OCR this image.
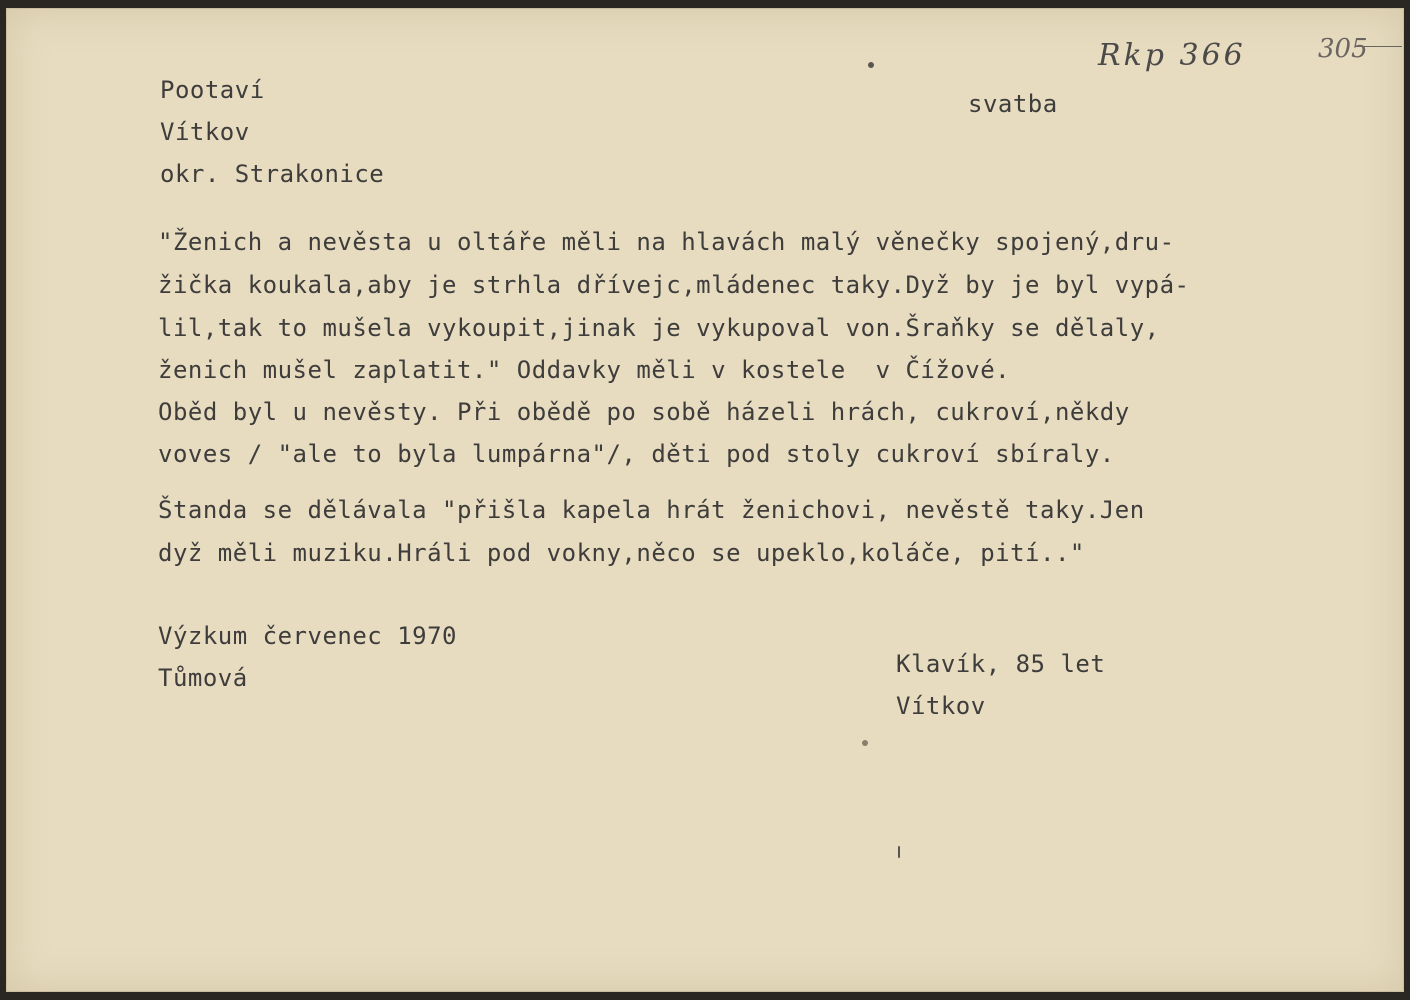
Rkp 366	305
Pootaví
Vítkov
okr. Strakonice
svatba
"Ženich a nevěsta u oltáře měli na hlavách malý věnečky spojený,dru-
žička koukala,aby je strhla dřívejc,mládenec taky.Dyž by je byl vypá-
lil,tak to mušela vykoupit,jinak je vykupoval von.Šraňky se dělaly,
ženich mušel zaplatit." Oddavky měli v kostele  v Čížové.
Oběd byl u nevěsty. Při obědě po sobě házeli hrách, cukroví,někdy
voves / "ale to byla lumpárna"/, děti pod stoly cukroví sbíraly.
Štanda se dělávala "přišla kapela hrát ženichovi, nevěstě taky.Jen
dyž měli muziku.Hráli pod vokny,něco se upeklo,koláče, pití.."
Výzkum červenec 1970
Tůmová	Klavík, 85 let
Vítkov
